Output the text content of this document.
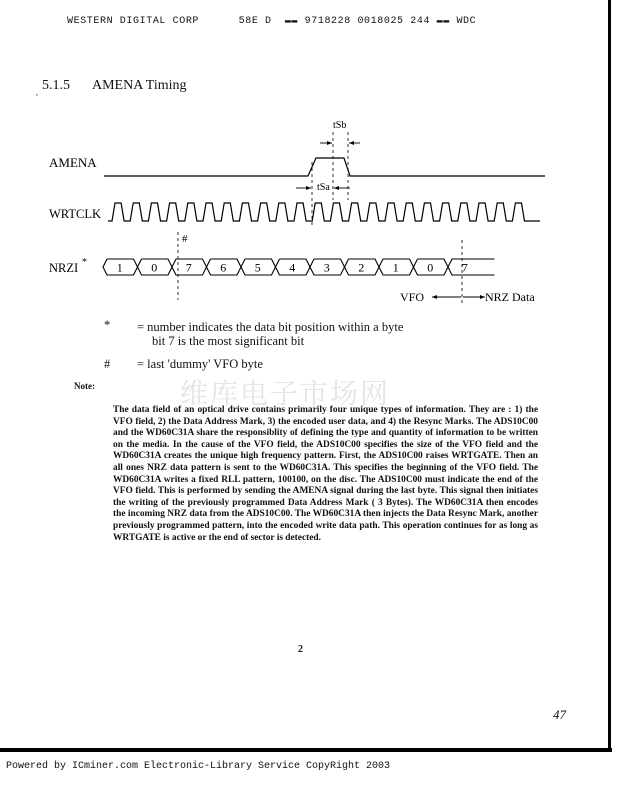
WESTERN DIGITAL CORP      58E D  ▬▬ 9718228 0018025 244 ▬▬ WDC
, 5.1.5 AMENA Timing
AMENA
tSb
tSa
WRTCLK
NRZI * 1 0 7 6 5 4 3 2 1 0 7
#
VFO	NRZ Data
* = number indicates the data bit position within a byte
bit 7 is the most significant bit
# = last 'dummy' VFO byte
维库电子市场网
Note:
The data field of an optical drive contains primarily four unique types of information. They are : 1) the VFO field, 2) the Data Address Mark, 3) the encoded user data, and 4) the Resync Marks. The ADS10C00 and the WD60C31A share the responsiblity of defining the type and quantity of information to be written on the media. In the cause of the VFO field, the ADS10C00 specifies the size of the VFO field and the WD60C31A creates the unique high frequency pattern. First, the ADS10C00 raises WRTGATE. Then an all ones NRZ data pattern is sent to the WD60C31A. This specifies the beginning of the VFO field. The WD60C31A writes a fixed RLL pattern, 100100, on the disc. The ADS10C00 must indicate the end of the VFO field. This is performed by sending the AMENA signal during the last byte. This signal then initiates the writing of the previously programmed Data Address Mark ( 3 Bytes). The WD60C31A then encodes the incoming NRZ data from the ADS10C00. The WD60C31A then injects the Data Resync Mark, another previously programmed pattern, into the encoded write data path. This operation continues for as long as WRTGATE is active or the end of sector is detected.
2
47
Powered by ICminer.com Electronic-Library Service CopyRight 2003
